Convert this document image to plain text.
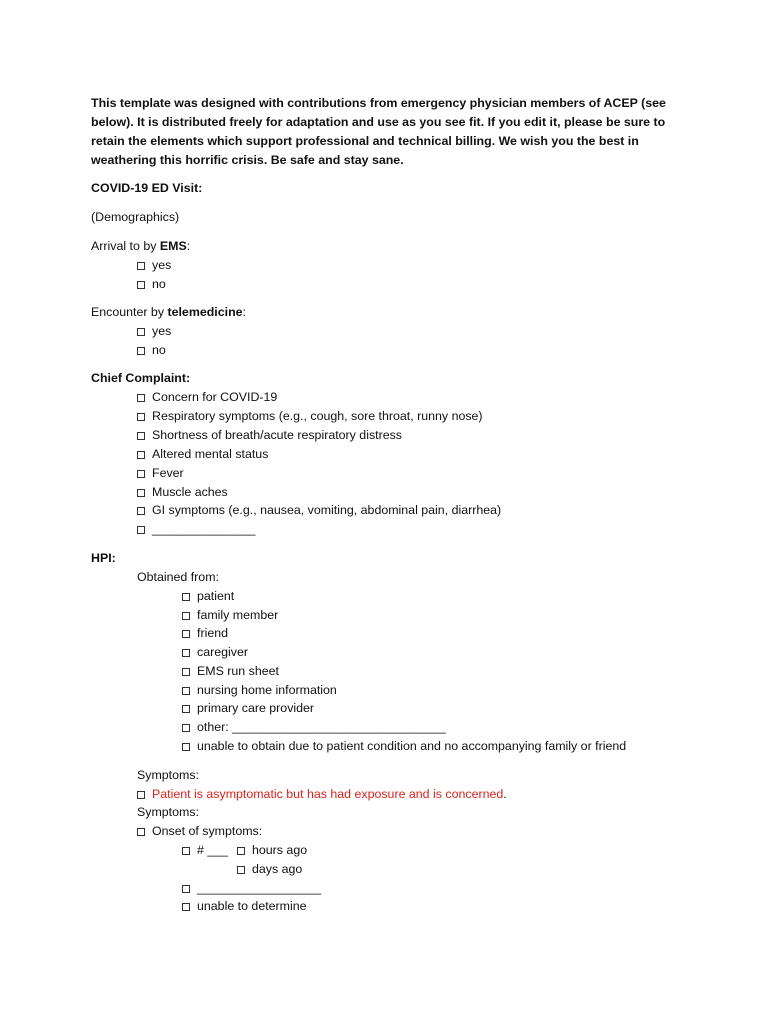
This template was designed with contributions from emergency physician members of ACEP (see
below). It is distributed freely for adaptation and use as you see fit. If you edit it, please be sure to
retain the elements which support professional and technical billing. We wish you the best in
weathering this horrific crisis. Be safe and stay sane.
COVID-19 ED Visit:
(Demographics)
Arrival to by EMS:
yes
no
Encounter by telemedicine:
yes
no
Chief Complaint:
Concern for COVID-19
Respiratory symptoms (e.g., cough, sore throat, runny nose)
Shortness of breath/acute respiratory distress
Altered mental status
Fever
Muscle aches
GI symptoms (e.g., nausea, vomiting, abdominal pain, diarrhea)
_______________
HPI:
Obtained from:
patient
family member
friend
caregiver
EMS run sheet
nursing home information
primary care provider
other: _______________________________
unable to obtain due to patient condition and no accompanying family or friend
Symptoms:
Patient is asymptomatic but has had exposure and is concerned.
Symptoms:
Onset of symptoms:
# ___	hours ago
days ago
__________________
unable to determine
